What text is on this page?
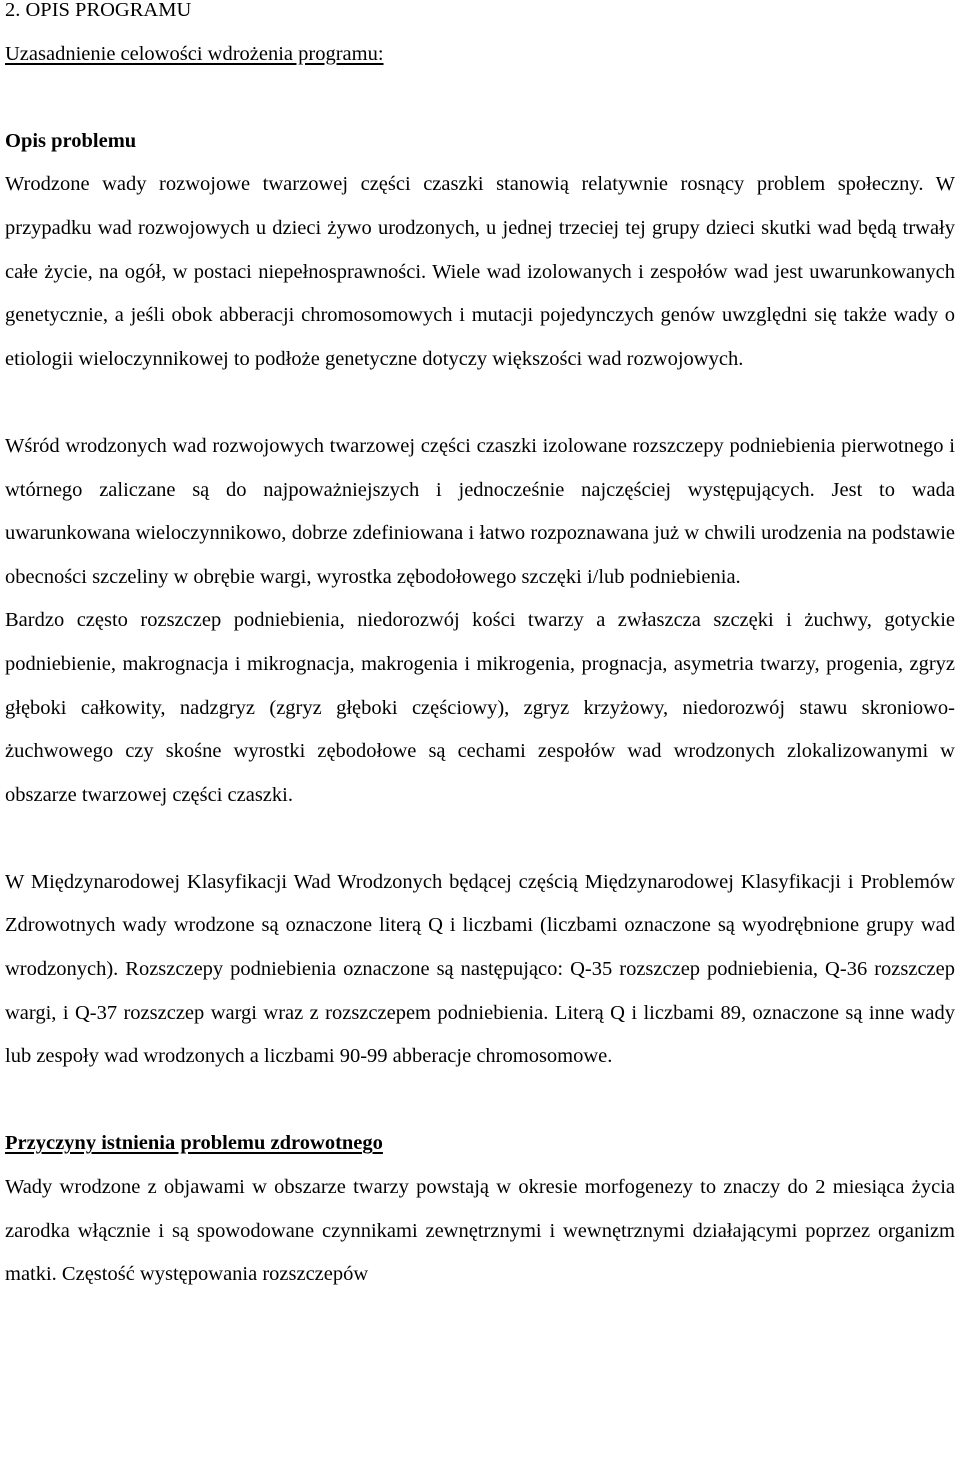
2. OPIS PROGRAMU

Uzasadnienie celowości wdrożenia programu:

Opis problemu

Wrodzone wady rozwojowe twarzowej części czaszki stanowią relatywnie rosnący problem społeczny. W przypadku wad rozwojowych u dzieci żywo urodzonych, u jednej trzeciej tej grupy dzieci skutki wad będą trwały całe życie, na ogół, w postaci niepełnosprawności. Wiele wad izolowanych i zespołów wad jest uwarunkowanych genetycznie, a jeśli obok abberacji chromosomowych i mutacji pojedynczych genów uwzględni się także wady o etiologii wieloczynnikowej to podłoże genetyczne dotyczy większości wad rozwojowych.

Wśród wrodzonych wad rozwojowych twarzowej części czaszki izolowane rozszczepy podniebienia pierwotnego i wtórnego zaliczane są do najpoważniejszych i jednocześnie najczęściej występujących. Jest to wada uwarunkowana wieloczynnikowo, dobrze zdefiniowana i łatwo rozpoznawana już w chwili urodzenia na podstawie obecności szczeliny w obrębie wargi, wyrostka zębodołowego szczęki i/lub podniebienia.

Bardzo często rozszczep podniebienia, niedorozwój kości twarzy a zwłaszcza szczęki i żuchwy, gotyckie podniebienie, makrognacja i mikrognacja, makrogenia i mikrogenia, prognacja, asymetria twarzy, progenia, zgryz głęboki całkowity, nadzgryz (zgryz głęboki częściowy), zgryz krzyżowy, niedorozwój stawu skroniowo-żuchwowego czy skośne wyrostki zębodołowe są cechami zespołów wad wrodzonych zlokalizowanymi w obszarze twarzowej części czaszki.

W Międzynarodowej Klasyfikacji Wad Wrodzonych będącej częścią Międzynarodowej Klasyfikacji i Problemów Zdrowotnych wady wrodzone są oznaczone literą Q i liczbami (liczbami oznaczone są wyodrębnione grupy wad wrodzonych). Rozszczepy podniebienia oznaczone są następująco: Q-35 rozszczep podniebienia, Q-36 rozszczep wargi, i Q-37 rozszczep wargi wraz z rozszczepem podniebienia. Literą Q i liczbami 89, oznaczone są inne wady lub zespoły wad wrodzonych a liczbami 90-99 abberacje chromosomowe.

Przyczyny istnienia problemu zdrowotnego

Wady wrodzone z objawami w obszarze twarzy powstają w okresie morfogenezy to znaczy do 2 miesiąca życia zarodka włącznie i są spowodowane czynnikami zewnętrznymi i wewnętrznymi działającymi poprzez organizm matki. Częstość występowania rozszczepów
